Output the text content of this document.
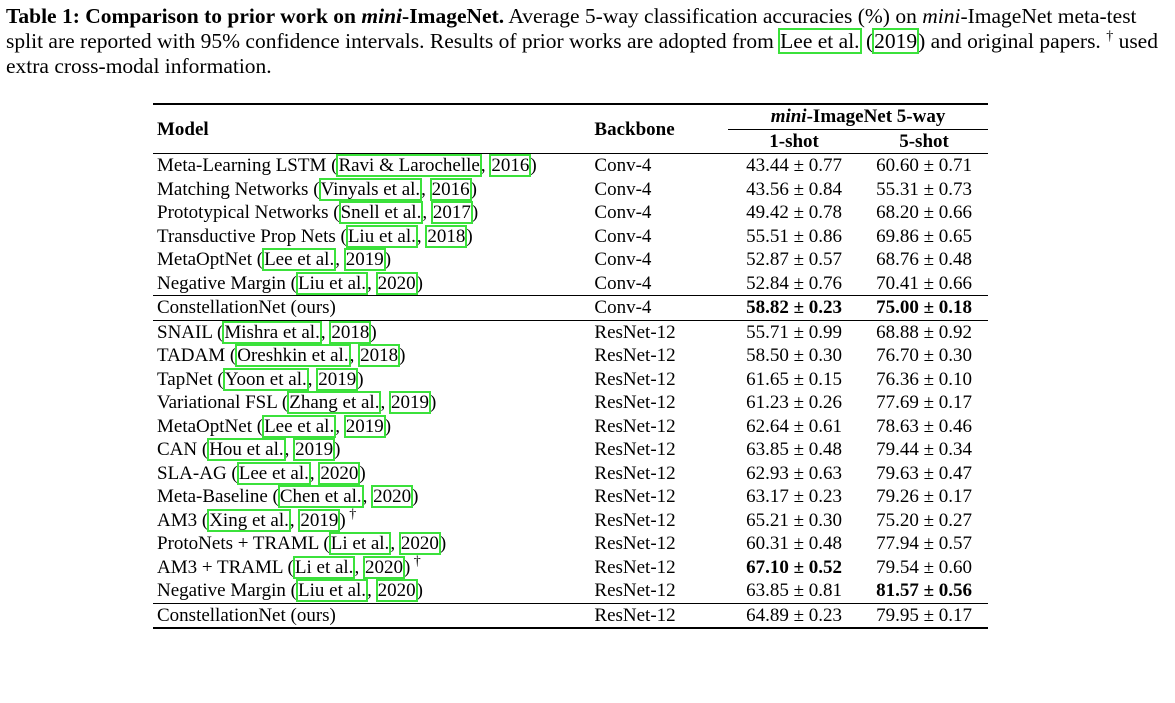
Table 1: Comparison to prior work on mini-ImageNet. Average 5-way classification accuracies (%) on mini-ImageNet meta-test split are reported with 95% confidence intervals. Results of prior works are adopted from Lee et al. (2019) and original papers. † used extra cross-modal information.
Model	Backbone	mini-ImageNet 5-way	
		1-shot	5-shot
Meta-Learning LSTM (Ravi & Larochelle, 2016)	Conv-4	43.44 ± 0.77	60.60 ± 0.71
Matching Networks (Vinyals et al., 2016)	Conv-4	43.56 ± 0.84	55.31 ± 0.73
Prototypical Networks (Snell et al., 2017)	Conv-4	49.42 ± 0.78	68.20 ± 0.66
Transductive Prop Nets (Liu et al., 2018)	Conv-4	55.51 ± 0.86	69.86 ± 0.65
MetaOptNet (Lee et al., 2019)	Conv-4	52.87 ± 0.57	68.76 ± 0.48
Negative Margin (Liu et al., 2020)	Conv-4	52.84 ± 0.76	70.41 ± 0.66
ConstellationNet (ours)	Conv-4	58.82 ± 0.23	75.00 ± 0.18
SNAIL (Mishra et al., 2018)	ResNet-12	55.71 ± 0.99	68.88 ± 0.92
TADAM (Oreshkin et al., 2018)	ResNet-12	58.50 ± 0.30	76.70 ± 0.30
TapNet (Yoon et al., 2019)	ResNet-12	61.65 ± 0.15	76.36 ± 0.10
Variational FSL (Zhang et al., 2019)	ResNet-12	61.23 ± 0.26	77.69 ± 0.17
MetaOptNet (Lee et al., 2019)	ResNet-12	62.64 ± 0.61	78.63 ± 0.46
CAN (Hou et al., 2019)	ResNet-12	63.85 ± 0.48	79.44 ± 0.34
SLA-AG (Lee et al., 2020)	ResNet-12	62.93 ± 0.63	79.63 ± 0.47
Meta-Baseline (Chen et al., 2020)	ResNet-12	63.17 ± 0.23	79.26 ± 0.17
AM3 (Xing et al., 2019) †	ResNet-12	65.21 ± 0.30	75.20 ± 0.27
ProtoNets + TRAML (Li et al., 2020)	ResNet-12	60.31 ± 0.48	77.94 ± 0.57
AM3 + TRAML (Li et al., 2020) †	ResNet-12	67.10 ± 0.52	79.54 ± 0.60
Negative Margin (Liu et al., 2020)	ResNet-12	63.85 ± 0.81	81.57 ± 0.56
ConstellationNet (ours)	ResNet-12	64.89 ± 0.23	79.95 ± 0.17
